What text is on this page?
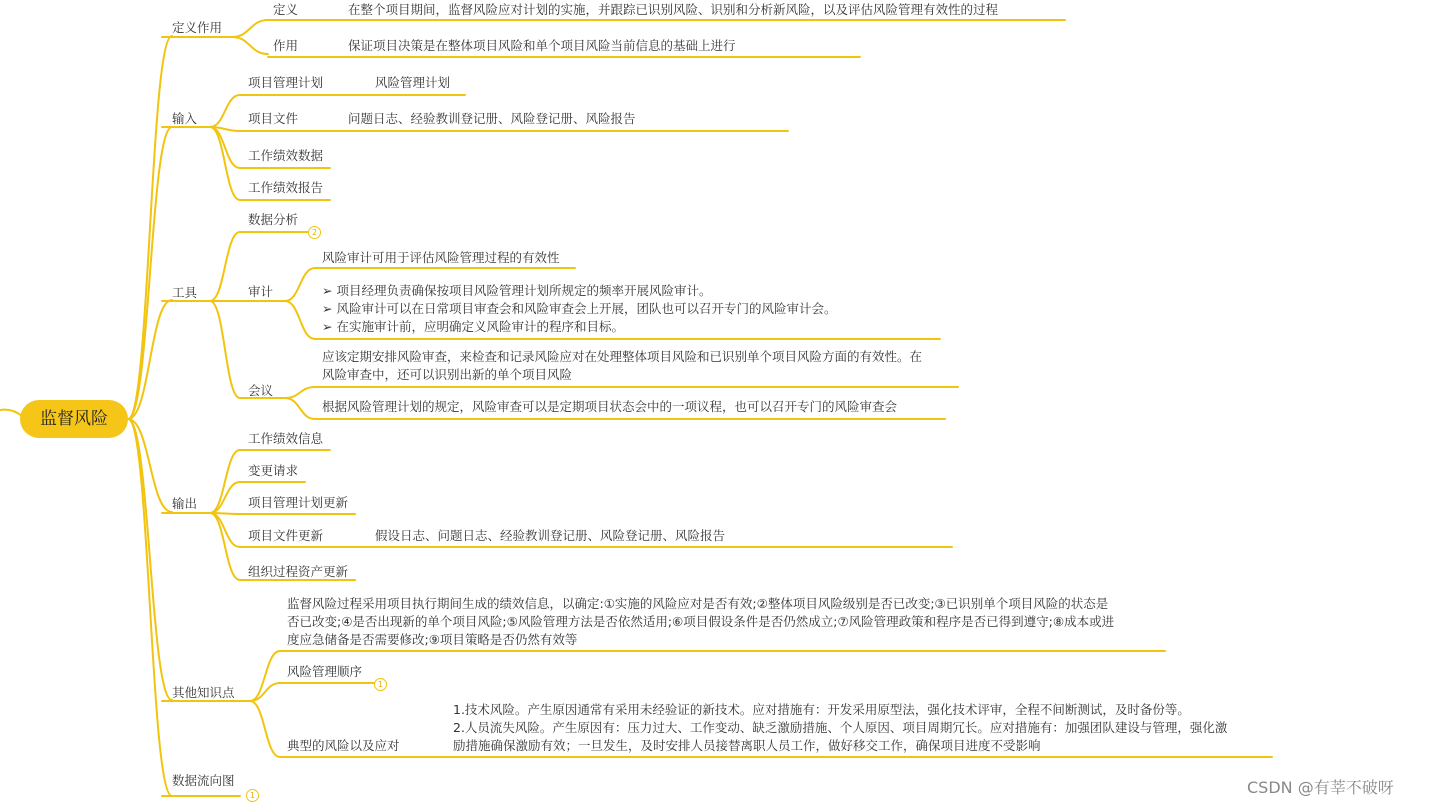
监督风险
定义作用
定义	在整个项目期间，监督风险应对计划的实施，并跟踪已识别风险、识别和分析新风险，以及评估风险管理有效性的过程
作用	保证项目决策是在整体项目风险和单个项目风险当前信息的基础上进行
输入
项目管理计划	风险管理计划
项目文件	问题日志、经验教训登记册、风险登记册、风险报告
工作绩效数据
工作绩效报告
工具
数据分析
2
审计
风险审计可用于评估风险管理过程的有效性
➢ 项目经理负责确保按项目风险管理计划所规定的频率开展风险审计。
➢ 风险审计可以在日常项目审查会和风险审查会上开展，团队也可以召开专门的风险审计会。
➢ 在实施审计前，应明确定义风险审计的程序和目标。
会议
应该定期安排风险审查，来检查和记录风险应对在处理整体项目风险和已识别单个项目风险方面的有效性。在
风险审查中，还可以识别出新的单个项目风险
根据风险管理计划的规定，风险审查可以是定期项目状态会中的一项议程，也可以召开专门的风险审查会
输出
工作绩效信息
变更请求
项目管理计划更新
项目文件更新	假设日志、问题日志、经验教训登记册、风险登记册、风险报告
组织过程资产更新
其他知识点
监督风险过程采用项目执行期间生成的绩效信息，以确定:①实施的风险应对是否有效;②整体项目风险级别是否已改变;③已识别单个项目风险的状态是
否已改变;④是否出现新的单个项目风险;⑤风险管理方法是否依然适用;⑥项目假设条件是否仍然成立;⑦风险管理政策和程序是否已得到遵守;⑧成本或进
度应急储备是否需要修改;⑨项目策略是否仍然有效等
风险管理顺序
1
典型的风险以及应对
1.技术风险。产生原因通常有采用未经验证的新技术。应对措施有：开发采用原型法，强化技术评审，全程不间断测试，及时备份等。
2.人员流失风险。产生原因有：压力过大、工作变动、缺乏激励措施、个人原因、项目周期冗长。应对措施有：加强团队建设与管理，强化激
励措施确保激励有效；一旦发生，及时安排人员接替离职人员工作，做好移交工作，确保项目进度不受影响
数据流向图
1	CSDN @有莘不破呀
